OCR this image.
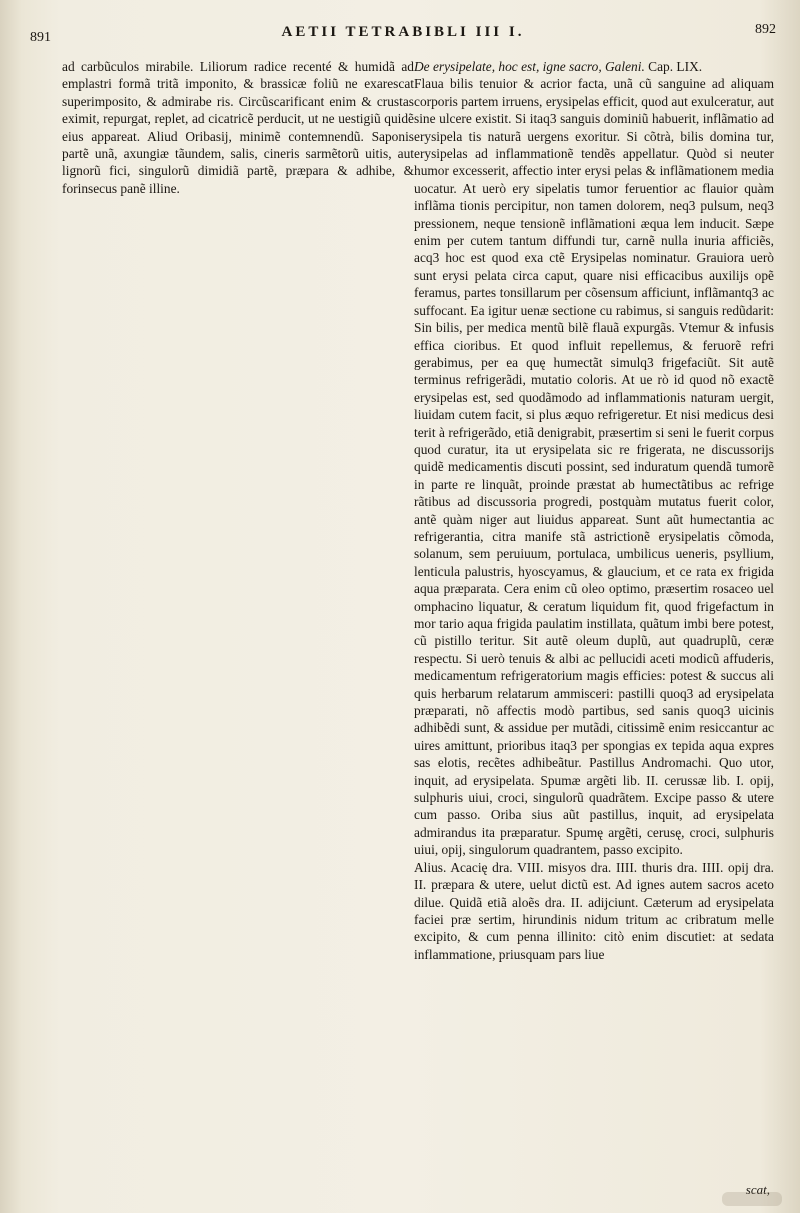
891	AETII TETRABIBLI III I.	892

ad carbũculos mirabile. Liliorum radice recenté & humidã ad emplastri formã tritã imponito, & brassicæ foliũ ne exarescat superimposito, & admirabe ris. Circũscarificant enim & crustas eximit, repurgat, replet, ad cicatricẽ perducit, ut ne uestigiũ quidẽ eius appareat. Aliud Oribasij, minimẽ contemnendũ. Saponis partẽ unã, axungiæ tãundem, salis, cineris sarmẽtorũ uitis, aut lignorũ fici, singulorũ dimidiã partẽ, præpara & adhibe, & forinsecus panẽ illine.

De erysipelate, hoc est, igne sacro, Galeni. Cap. LIX.

Flaua bilis tenuior & acrior facta, unã cũ sanguine ad aliquam corporis partem irruens, erysipelas efficit, quod aut exulceratur, aut sine ulcere existit. Si itaq3 sanguis dominiũ habuerit, inflãmatio ad erysipela tis naturã uergens exoritur. Si cõtrà, bilis domina tur, erysipelas ad inflammationẽ tendẽs appellatur. Quòd si neuter humor excesserit, affectio inter erysi pelas & inflãmationem media uocatur. At uerò ery sipelatis tumor feruentior ac flauior quàm inflãma tionis percipitur, non tamen dolorem, neq3 pulsum, neq3 pressionem, neque tensionẽ inflãmationi æqua lem inducit. Sæpe enim per cutem tantum diffundi tur, carnẽ nulla inuria afficiẽs, acq3 hoc est quod exa ctẽ Erysipelas nominatur. Grauiora uerò sunt erysi pelata circa caput, quare nisi efficacibus auxilijs opẽ feramus, partes tonsillarum per cõsensum afficiunt, inflãmantq3 ac suffocant. Ea igitur uenæ sectione cu rabimus, si sanguis redũdarit: Sin bilis, per medica mentũ bilẽ flauã expurgãs. Vtemur & infusis effica cioribus. Et quod influit repellemus, & feruorẽ refri gerabimus, per ea quę humectãt simulq3 frigefaciũt. Sit autẽ terminus refrigerãdi, mutatio coloris. At ue rò id quod nõ exactẽ erysipelas est, sed quodãmodo ad inflammationis naturam uergit, liuidam cutem facit, si plus æquo refrigeretur. Et nisi medicus desi terit à refrigerãdo, etiã denigrabit, præsertim si seni le fuerit corpus quod curatur, ita ut erysipelata sic re frigerata, ne discussorijs quidẽ medicamentis discuti possint, sed induratum quendã tumorẽ in parte re linquãt, proinde præstat ab humectãtibus ac refrige rãtibus ad discussoria progredi, postquàm mutatus fuerit color, antẽ quàm niger aut liuidus appareat. Sunt aũt humectantia ac refrigerantia, citra manife stã astrictionẽ erysipelatis cõmoda, solanum, sem peruiuum, portulaca, umbilicus ueneris, psyllium, lenticula palustris, hyoscyamus, & glaucium, et ce rata ex frigida aqua præparata. Cera enim cũ oleo optimo, præsertim rosaceo uel omphacino liquatur, & ceratum liquidum fit, quod frigefactum in mor tario aqua frigida paulatim instillata, quãtum imbi bere potest, cũ pistillo teritur. Sit autẽ oleum duplũ, aut quadruplũ, ceræ respectu. Si uerò tenuis & albi ac pellucidi aceti modicũ affuderis, medicamentum refrigeratorium magis efficies: potest & succus ali quis herbarum relatarum ammisceri: pastilli quoq3 ad erysipelata præparati, nõ affectis modò partibus, sed sanis quoq3 uicinis adhibẽdi sunt, & assidue per mutãdi, citissimẽ enim resiccantur ac uires amittunt, prioribus itaq3 per spongias ex tepida aqua expres sas elotis, recẽtes adhibeãtur. Pastillus Andromachi. Quo utor, inquit, ad erysipelata. Spumæ argẽti lib. II. cerussæ lib. I. opij, sulphuris uiui, croci, singulorũ quadrãtem. Excipe passo & utere cum passo. Oriba sius aũt pastillus, inquit, ad erysipelata admirandus ita præparatur. Spumę argẽti, cerusę, croci, sulphuris uiui, opij, singulorum quadrantem, passo excipito.

Alius. Acacię dra. VIII. misyos dra. IIII. thuris dra. IIII. opij dra. II. præpara & utere, uelut dictũ est. Ad ignes autem sacros aceto dilue. Quidã etiã aloẽs dra. II. adijciunt. Cæterum ad erysipelata faciei præ sertim, hirundinis nidum tritum ac cribratum melle excipito, & cum penna illinito: citò enim discutiet: at sedata inflammatione, priusquam pars liue

scat,
